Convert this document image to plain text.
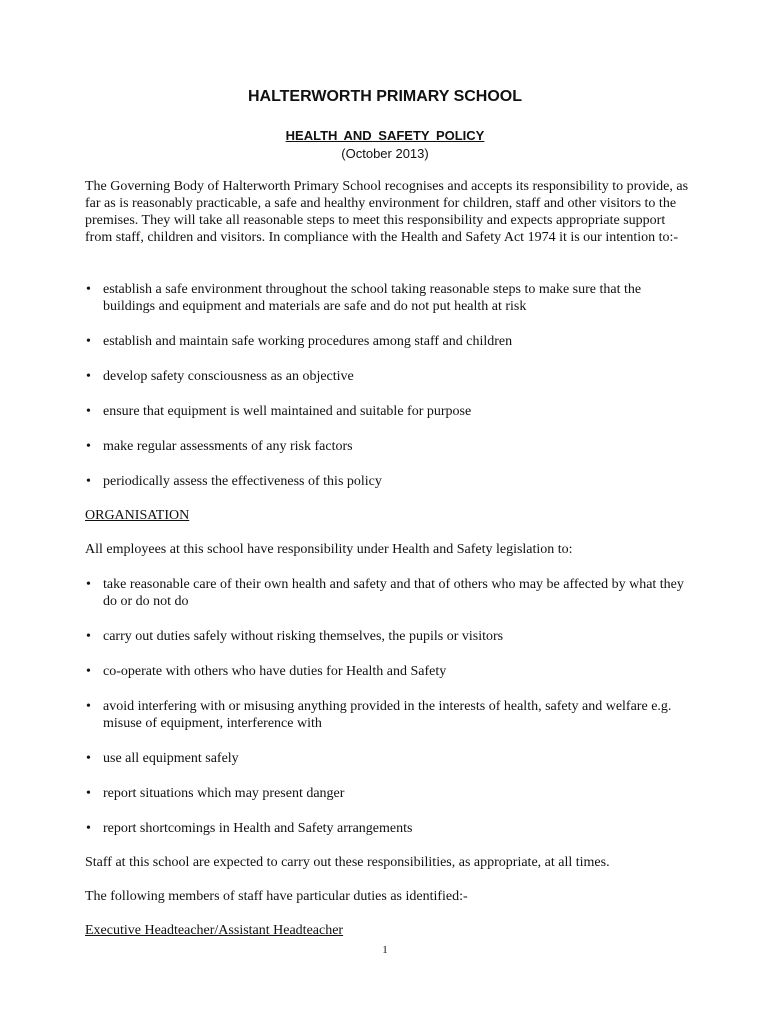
HALTERWORTH PRIMARY SCHOOL
HEALTH AND SAFETY POLICY
(October 2013)

The Governing Body of Halterworth Primary School recognises and accepts its responsibility to provide, as far as is reasonably practicable, a safe and healthy environment for children, staff and other visitors to the premises. They will take all reasonable steps to meet this responsibility and expects appropriate support from staff, children and visitors. In compliance with the Health and Safety Act 1974 it is our intention to:-

• establish a safe environment throughout the school taking reasonable steps to make sure that the buildings and equipment and materials are safe and do not put health at risk
• establish and maintain safe working procedures among staff and children
• develop safety consciousness as an objective
• ensure that equipment is well maintained and suitable for purpose
• make regular assessments of any risk factors
• periodically assess the effectiveness of this policy
ORGANISATION

All employees at this school have responsibility under Health and Safety legislation to:

• take reasonable care of their own health and safety and that of others who may be affected by what they do or do not do
• carry out duties safely without risking themselves, the pupils or visitors
• co-operate with others who have duties for Health and Safety
• avoid interfering with or misusing anything provided in the interests of health, safety and welfare e.g. misuse of equipment, interference with
• use all equipment safely
• report situations which may present danger
• report shortcomings in Health and Safety arrangements

Staff at this school are expected to carry out these responsibilities, as appropriate, at all times.

The following members of staff have particular duties as identified:-

Executive Headteacher/Assistant Headteacher
1
